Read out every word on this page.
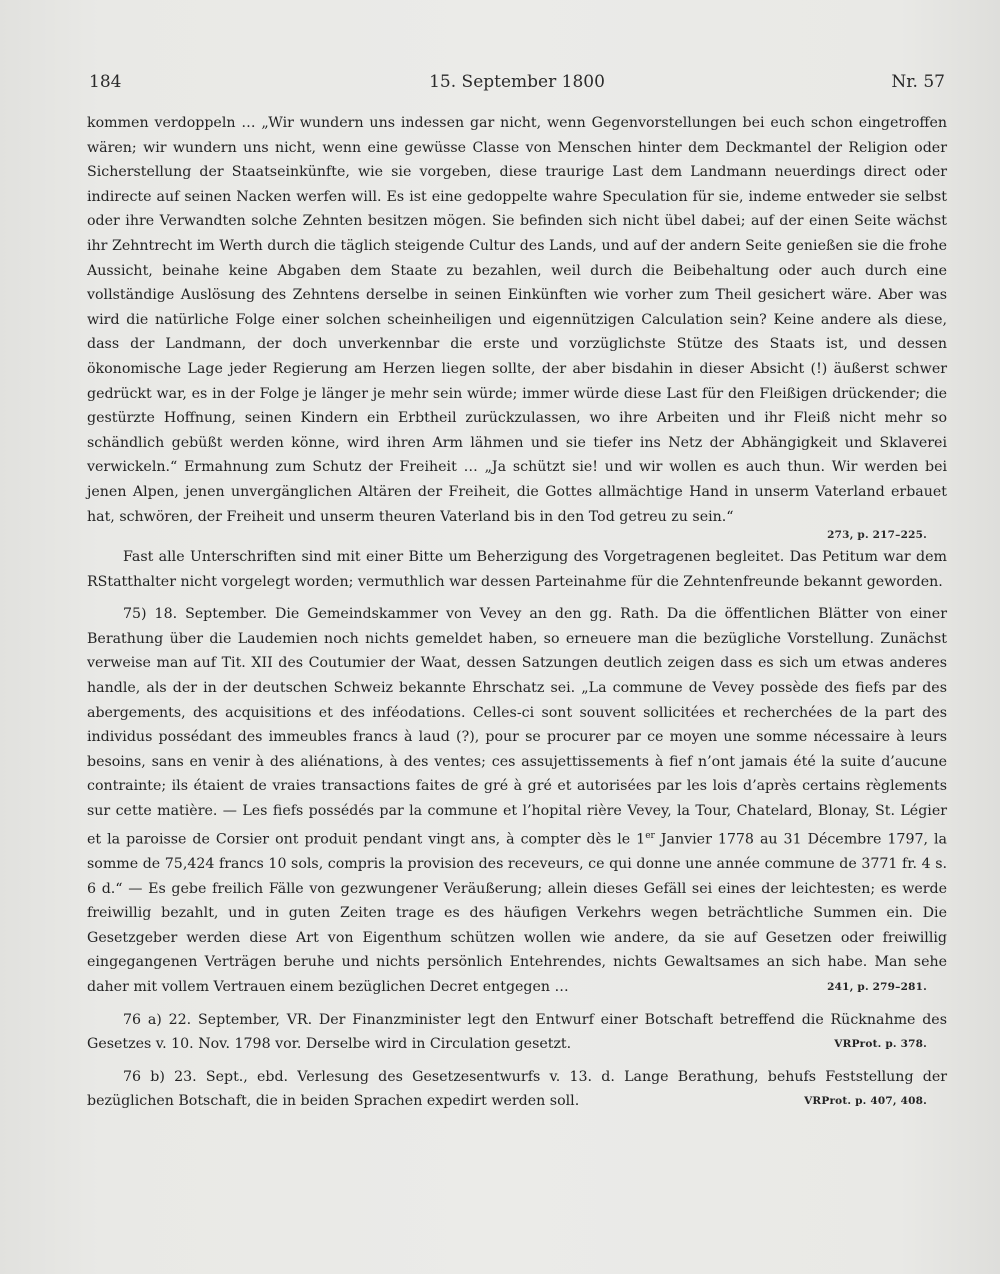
184	15. September 1800	Nr. 57

kommen verdoppeln … „Wir wundern uns indessen gar nicht, wenn Gegenvorstellungen bei euch schon eingetroffen wären; wir wundern uns nicht, wenn eine gewüsse Classe von Menschen hinter dem Deckmantel der Religion oder Sicherstellung der Staatseinkünfte, wie sie vorgeben, diese traurige Last dem Landmann neuerdings direct oder indirecte auf seinen Nacken werfen will. Es ist eine gedoppelte wahre Speculation für sie, indeme entweder sie selbst oder ihre Verwandten solche Zehnten besitzen mögen. Sie befinden sich nicht übel dabei; auf der einen Seite wächst ihr Zehntrecht im Werth durch die täglich steigende Cultur des Lands, und auf der andern Seite genießen sie die frohe Aussicht, beinahe keine Abgaben dem Staate zu bezahlen, weil durch die Beibehaltung oder auch durch eine vollständige Auslösung des Zehntens derselbe in seinen Einkünften wie vorher zum Theil gesichert wäre. Aber was wird die natürliche Folge einer solchen scheinheiligen und eigennützigen Calculation sein? Keine andere als diese, dass der Landmann, der doch unverkennbar die erste und vorzüglichste Stütze des Staats ist, und dessen ökonomische Lage jeder Regierung am Herzen liegen sollte, der aber bisdahin in dieser Absicht (!) äußerst schwer gedrückt war, es in der Folge je länger je mehr sein würde; immer würde diese Last für den Fleißigen drückender; die gestürzte Hoffnung, seinen Kindern ein Erbtheil zurückzulassen, wo ihre Arbeiten und ihr Fleiß nicht mehr so schändlich gebüßt werden könne, wird ihren Arm lähmen und sie tiefer ins Netz der Abhängigkeit und Sklaverei verwickeln.“ Ermahnung zum Schutz der Freiheit … „Ja schützt sie! und wir wollen es auch thun. Wir werden bei jenen Alpen, jenen unvergänglichen Altären der Freiheit, die Gottes allmächtige Hand in unserm Vaterland erbauet hat, schwören, der Freiheit und unserm theuren Vaterland bis in den Tod getreu zu sein.“

273, p. 217–225.

Fast alle Unterschriften sind mit einer Bitte um Beherzigung des Vorgetragenen begleitet. Das Petitum war dem RStatthalter nicht vorgelegt worden; vermuthlich war dessen Parteinahme für die Zehntenfreunde bekannt geworden.

75) 18. September. Die Gemeindskammer von Vevey an den gg. Rath. Da die öffentlichen Blätter von einer Berathung über die Laudemien noch nichts gemeldet haben, so erneuere man die bezügliche Vorstellung. Zunächst verweise man auf Tit. XII des Coutumier der Waat, dessen Satzungen deutlich zeigen dass es sich um etwas anderes handle, als der in der deutschen Schweiz bekannte Ehrschatz sei. „La commune de Vevey possède des fiefs par des abergements, des acquisitions et des inféodations. Celles-ci sont souvent sollicitées et recherchées de la part des individus possédant des immeubles francs à laud (?), pour se procurer par ce moyen une somme nécessaire à leurs besoins, sans en venir à des aliénations, à des ventes; ces assujettissements à fief n’ont jamais été la suite d’aucune contrainte; ils étaient de vraies transactions faites de gré à gré et autorisées par les lois d’après certains règlements sur cette matière. — Les fiefs possédés par la commune et l’hopital rière Vevey, la Tour, Chatelard, Blonay, St. Légier et la paroisse de Corsier ont produit pendant vingt ans, à compter dès le 1er Janvier 1778 au 31 Décembre 1797, la somme de 75,424 francs 10 sols, compris la provision des receveurs, ce qui donne une année commune de 3771 fr. 4 s. 6 d.“ — Es gebe freilich Fälle von gezwungener Veräußerung; allein dieses Gefäll sei eines der leichtesten; es werde freiwillig bezahlt, und in guten Zeiten trage es des häufigen Verkehrs wegen beträchtliche Summen ein. Die Gesetzgeber werden diese Art von Eigenthum schützen wollen wie andere, da sie auf Gesetzen oder freiwillig eingegangenen Verträgen beruhe und nichts persönlich Entehrendes, nichts Gewaltsames an sich habe. Man sehe daher mit vollem Vertrauen einem bezüglichen Decret entgegen …	241, p. 279–281.

76 a) 22. September, VR. Der Finanzminister legt den Entwurf einer Botschaft betreffend die Rücknahme des Gesetzes v. 10. Nov. 1798 vor. Derselbe wird in Circulation gesetzt.	VRProt. p. 378.

76 b) 23. Sept., ebd. Verlesung des Gesetzesentwurfs v. 13. d. Lange Berathung, behufs Feststellung der bezüglichen Botschaft, die in beiden Sprachen expedirt werden soll.	VRProt. p. 407, 408.
